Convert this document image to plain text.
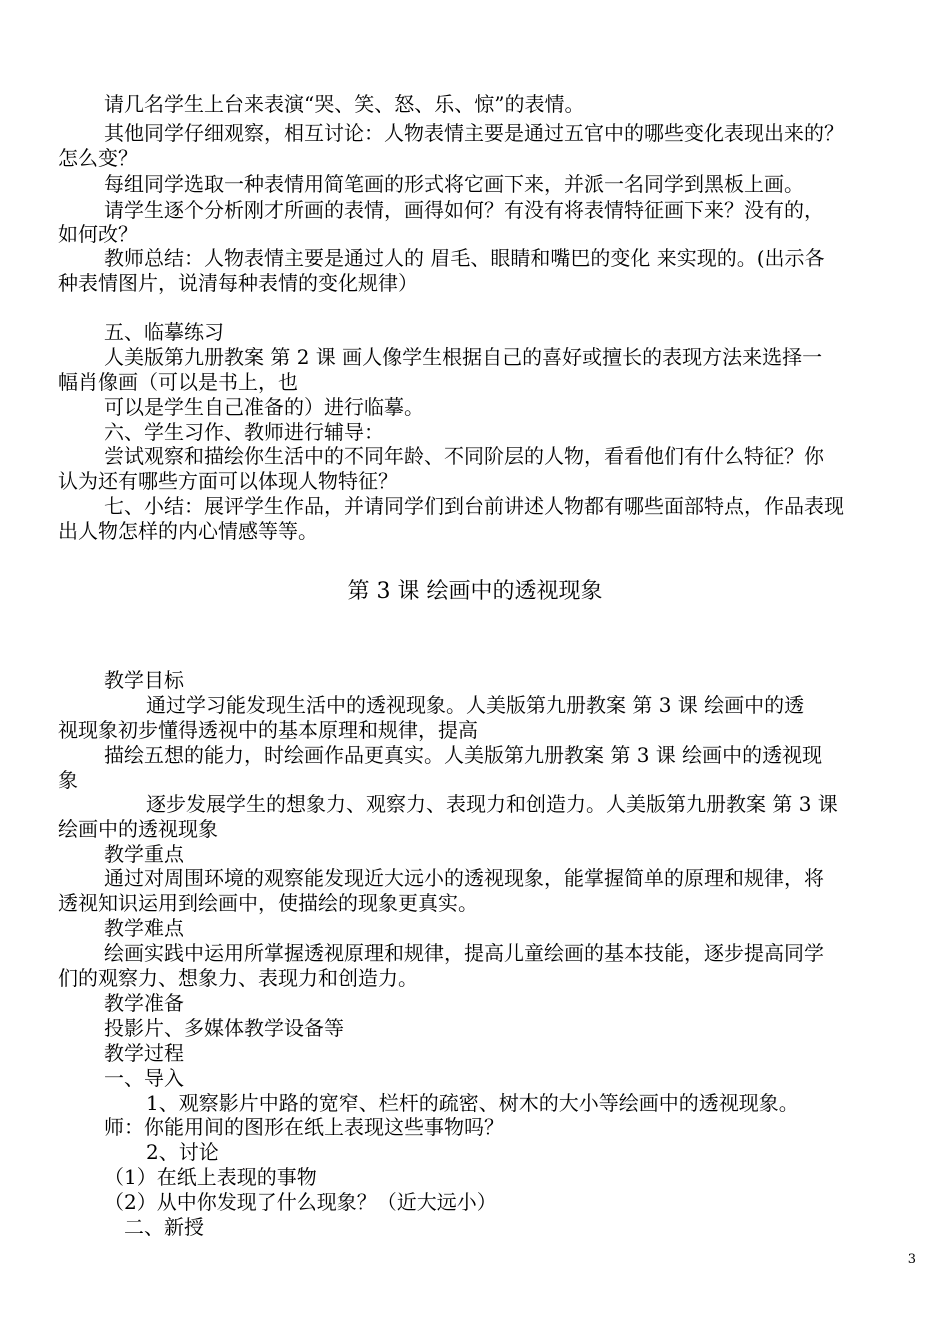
请几名学生上台来表演“哭、笑、怒、乐、惊”的表情。
其他同学仔细观察，相互讨论：人物表情主要是通过五官中的哪些变化表现出来的？
怎么变？
每组同学选取一种表情用简笔画的形式将它画下来，并派一名同学到黑板上画。
请学生逐个分析刚才所画的表情，画得如何？有没有将表情特征画下来？没有的，
如何改？
教师总结：人物表情主要是通过人的 眉毛、眼睛和嘴巴的变化 来实现的。(出示各
种表情图片，说清每种表情的变化规律）
五、临摹练习
人美版第九册教案 第 2 课 画人像学生根据自己的喜好或擅长的表现方法来选择一
幅肖像画（可以是书上，也
可以是学生自己准备的）进行临摹。
六、学生习作、教师进行辅导：
尝试观察和描绘你生活中的不同年龄、不同阶层的人物，看看他们有什么特征？你
认为还有哪些方面可以体现人物特征？
七、小结：展评学生作品，并请同学们到台前讲述人物都有哪些面部特点，作品表现
出人物怎样的内心情感等等。
第 3 课 绘画中的透视现象
教学目标
通过学习能发现生活中的透视现象。人美版第九册教案 第 3 课 绘画中的透
视现象初步懂得透视中的基本原理和规律，提高
描绘五想的能力，时绘画作品更真实。人美版第九册教案 第 3 课 绘画中的透视现
象
逐步发展学生的想象力、观察力、表现力和创造力。人美版第九册教案 第 3 课
绘画中的透视现象
教学重点
通过对周围环境的观察能发现近大远小的透视现象，能掌握简单的原理和规律，将
透视知识运用到绘画中，使描绘的现象更真实。
教学难点
绘画实践中运用所掌握透视原理和规律，提高儿童绘画的基本技能，逐步提高同学
们的观察力、想象力、表现力和创造力。
教学准备
投影片、多媒体教学设备等
教学过程
一、导入
1、观察影片中路的宽窄、栏杆的疏密、树木的大小等绘画中的透视现象。
师：你能用间的图形在纸上表现这些事物吗？
2、讨论
（1）在纸上表现的事物
（2）从中你发现了什么现象？（近大远小）
二、新授
3
